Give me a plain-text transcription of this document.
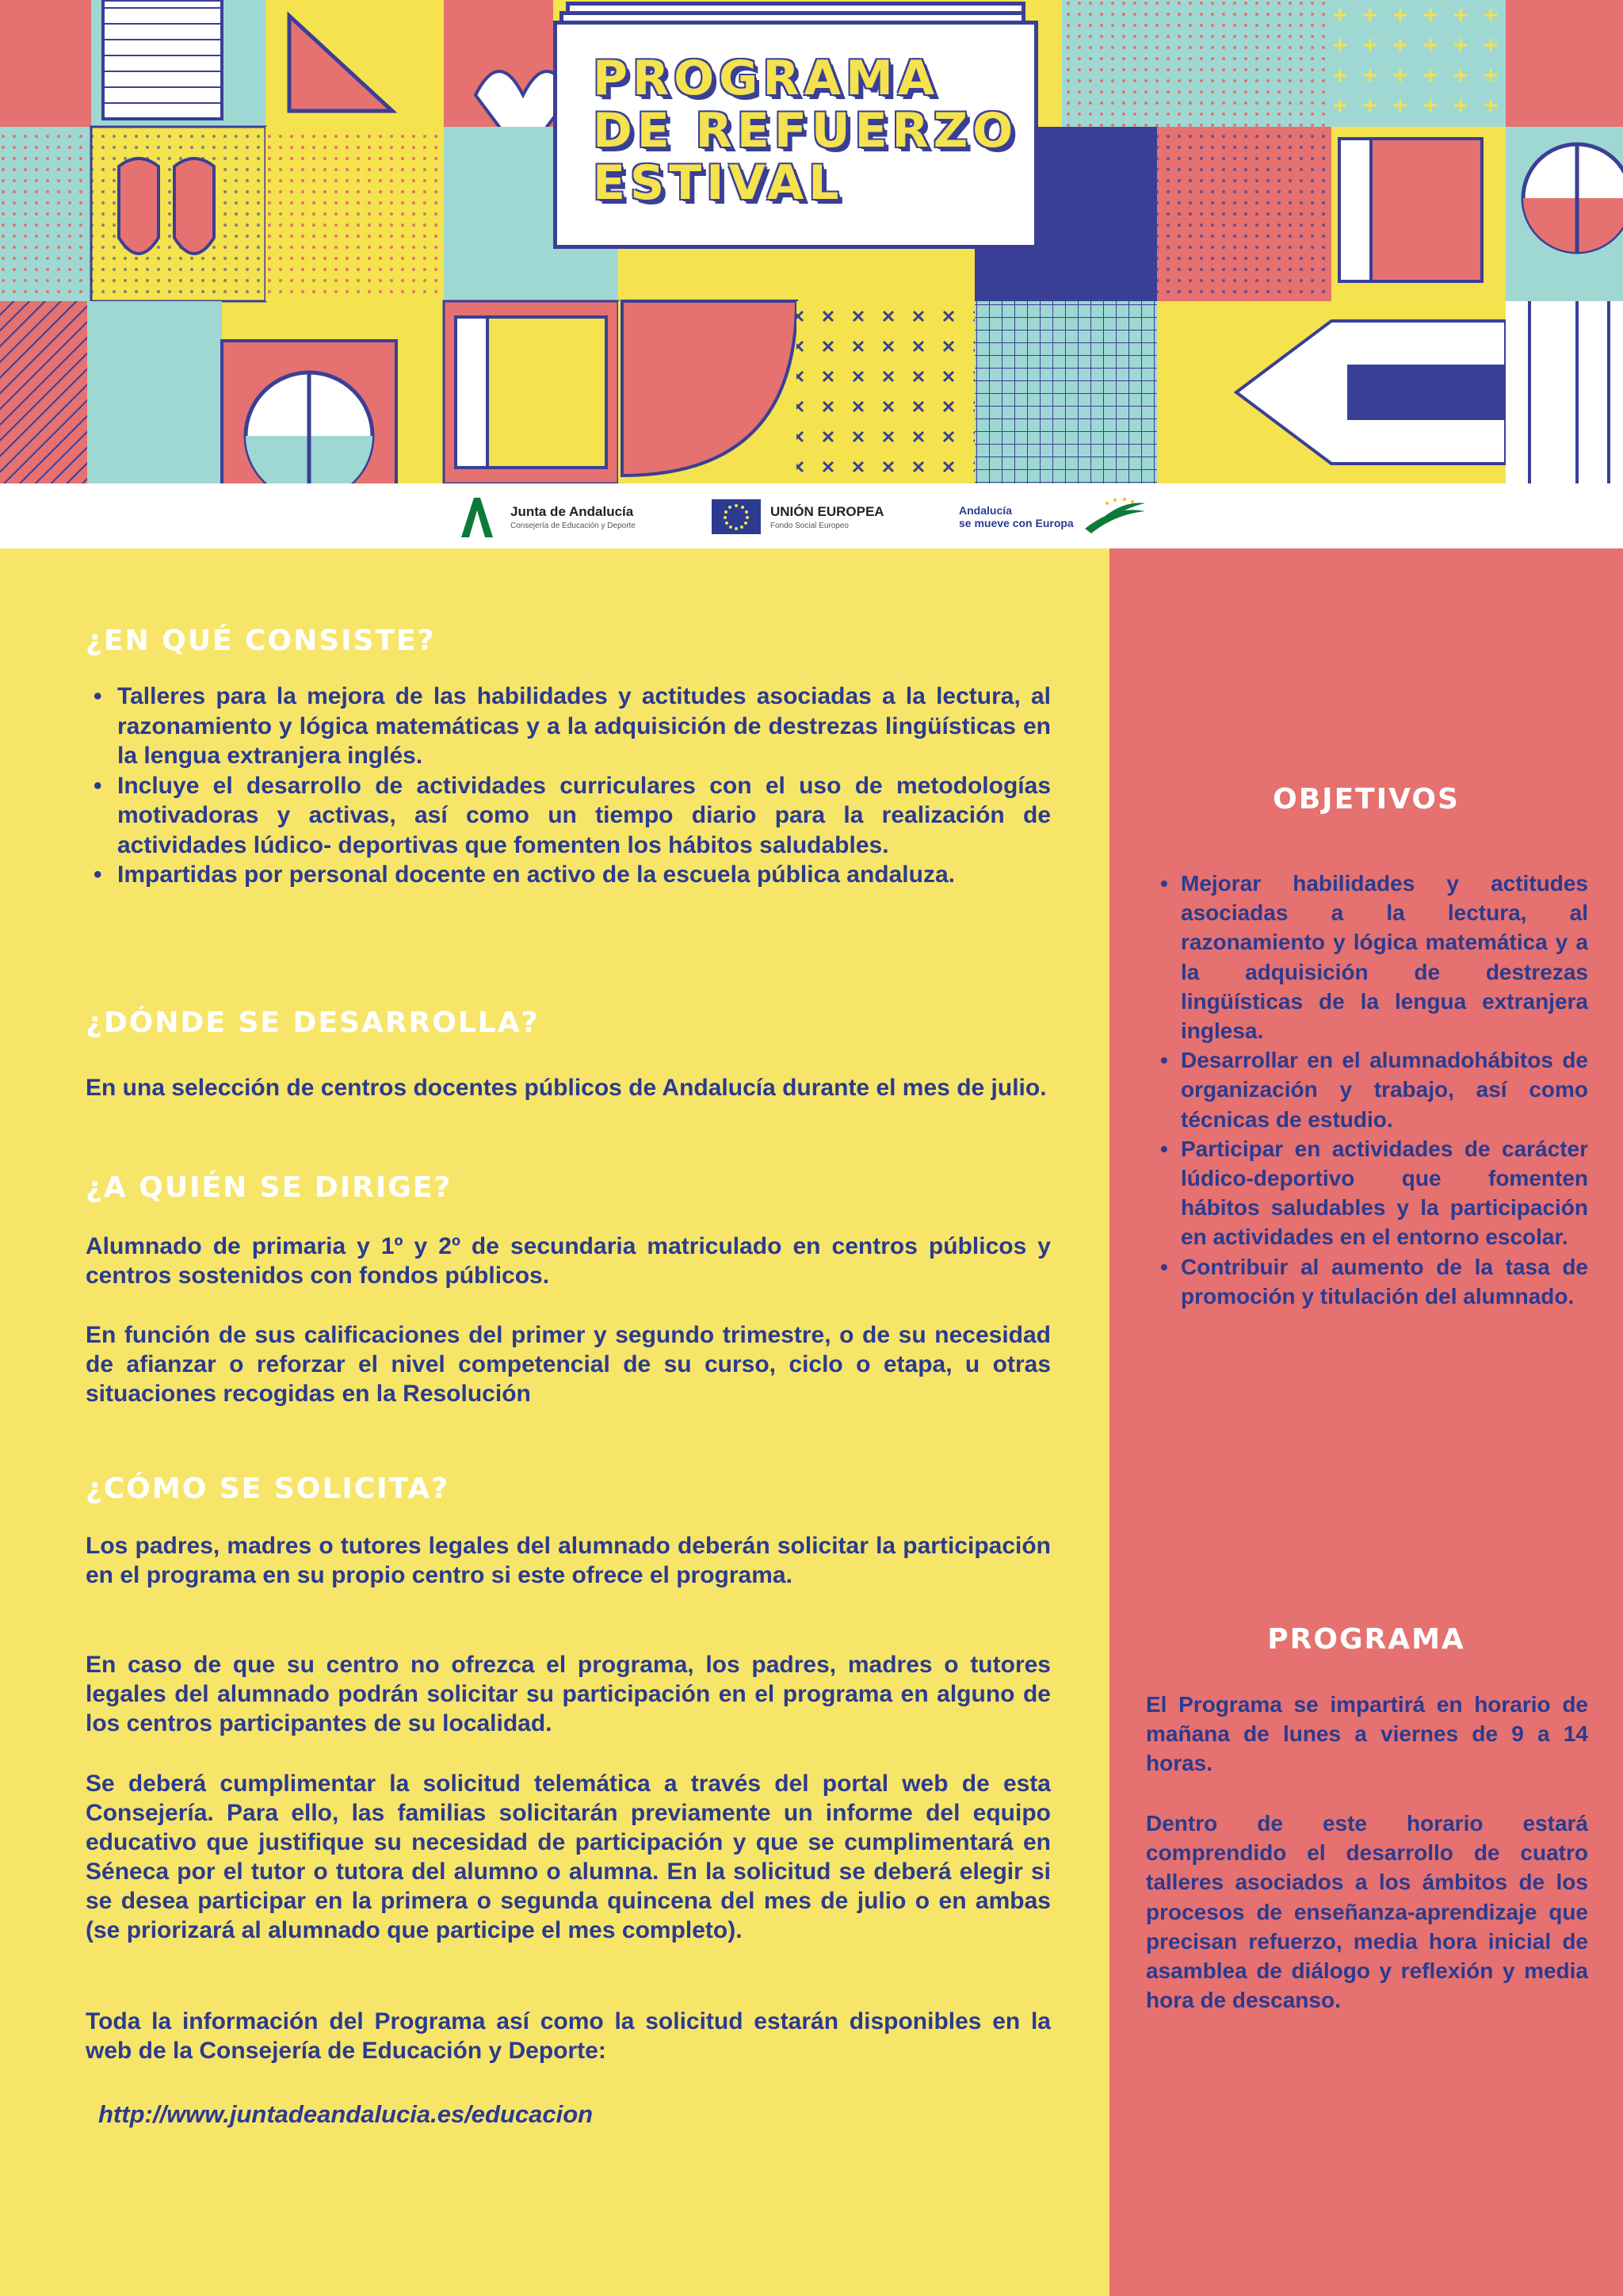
PROGRAMA
DE REFUERZO
ESTIVAL
Junta de Andalucía
Consejería de Educación y Deporte
UNIÓN EUROPEA
Fondo Social Europeo
Andalucía
se mueve con Europa
¿EN QUÉ CONSISTE?
• Talleres para la mejora de las habilidades y actitudes asociadas a la lectura, al razonamiento y lógica matemáticas y a la adquisición de destrezas lingüísticas en la lengua extranjera inglés.
• Incluye el desarrollo de actividades curriculares con el uso de metodologías motivadoras y activas, así como un tiempo diario para la realización de actividades lúdico- deportivas que fomenten los hábitos saludables.
• Impartidas por personal docente en activo de la escuela pública andaluza.
¿DÓNDE SE DESARROLLA?

En una selección de centros docentes públicos de Andalucía durante el mes de julio.

¿A QUIÉN SE DIRIGE?

Alumnado de primaria y 1º y 2º de secundaria matriculado en centros públicos y centros sostenidos con fondos públicos.

En función de sus calificaciones del primer y segundo trimestre, o de su necesidad de afianzar o reforzar el nivel competencial de su curso, ciclo o etapa, u otras situaciones recogidas en la Resolución

¿CÓMO SE SOLICITA?

Los padres, madres o tutores legales del alumnado deberán solicitar la participación en el programa en su propio centro si este ofrece el programa.

En caso de que su centro no ofrezca el programa, los padres, madres o tutores legales del alumnado podrán solicitar su participación en el programa en alguno de los centros participantes de su localidad.

Se deberá cumplimentar la solicitud telemática a través del portal web de esta Consejería. Para ello, las familias solicitarán previamente un informe del equipo educativo que justifique su necesidad de participación y que se cumplimentará en Séneca por el tutor o tutora del alumno o alumna. En la solicitud se deberá elegir si se desea participar en la primera o segunda quincena del mes de julio o en ambas (se priorizará al alumnado que participe el mes completo).

Toda la información del Programa así como la solicitud estarán disponibles en la web de la Consejería de Educación y Deporte:

http://www.juntadeandalucia.es/educacion
OBJETIVOS
• Mejorar habilidades y actitudes asociadas a la lectura, al razonamiento y lógica matemática y a la adquisición de destrezas lingüísticas de la lengua extranjera inglesa.
• Desarrollar en el alumnadohábitos de organización y trabajo, así como técnicas de estudio.
• Participar en actividades de carácter lúdico-deportivo que fomenten hábitos saludables y la participación en actividades en el entorno escolar.
• Contribuir al aumento de la tasa de promoción y titulación del alumnado.
PROGRAMA

El Programa se impartirá en horario de mañana de lunes a viernes de 9 a 14 horas.

Dentro de este horario estará comprendido el desarrollo de cuatro talleres asociados a los ámbitos de los procesos de enseñanza-aprendizaje que precisan refuerzo, media hora inicial de asamblea de diálogo y reflexión y media hora de descanso.
